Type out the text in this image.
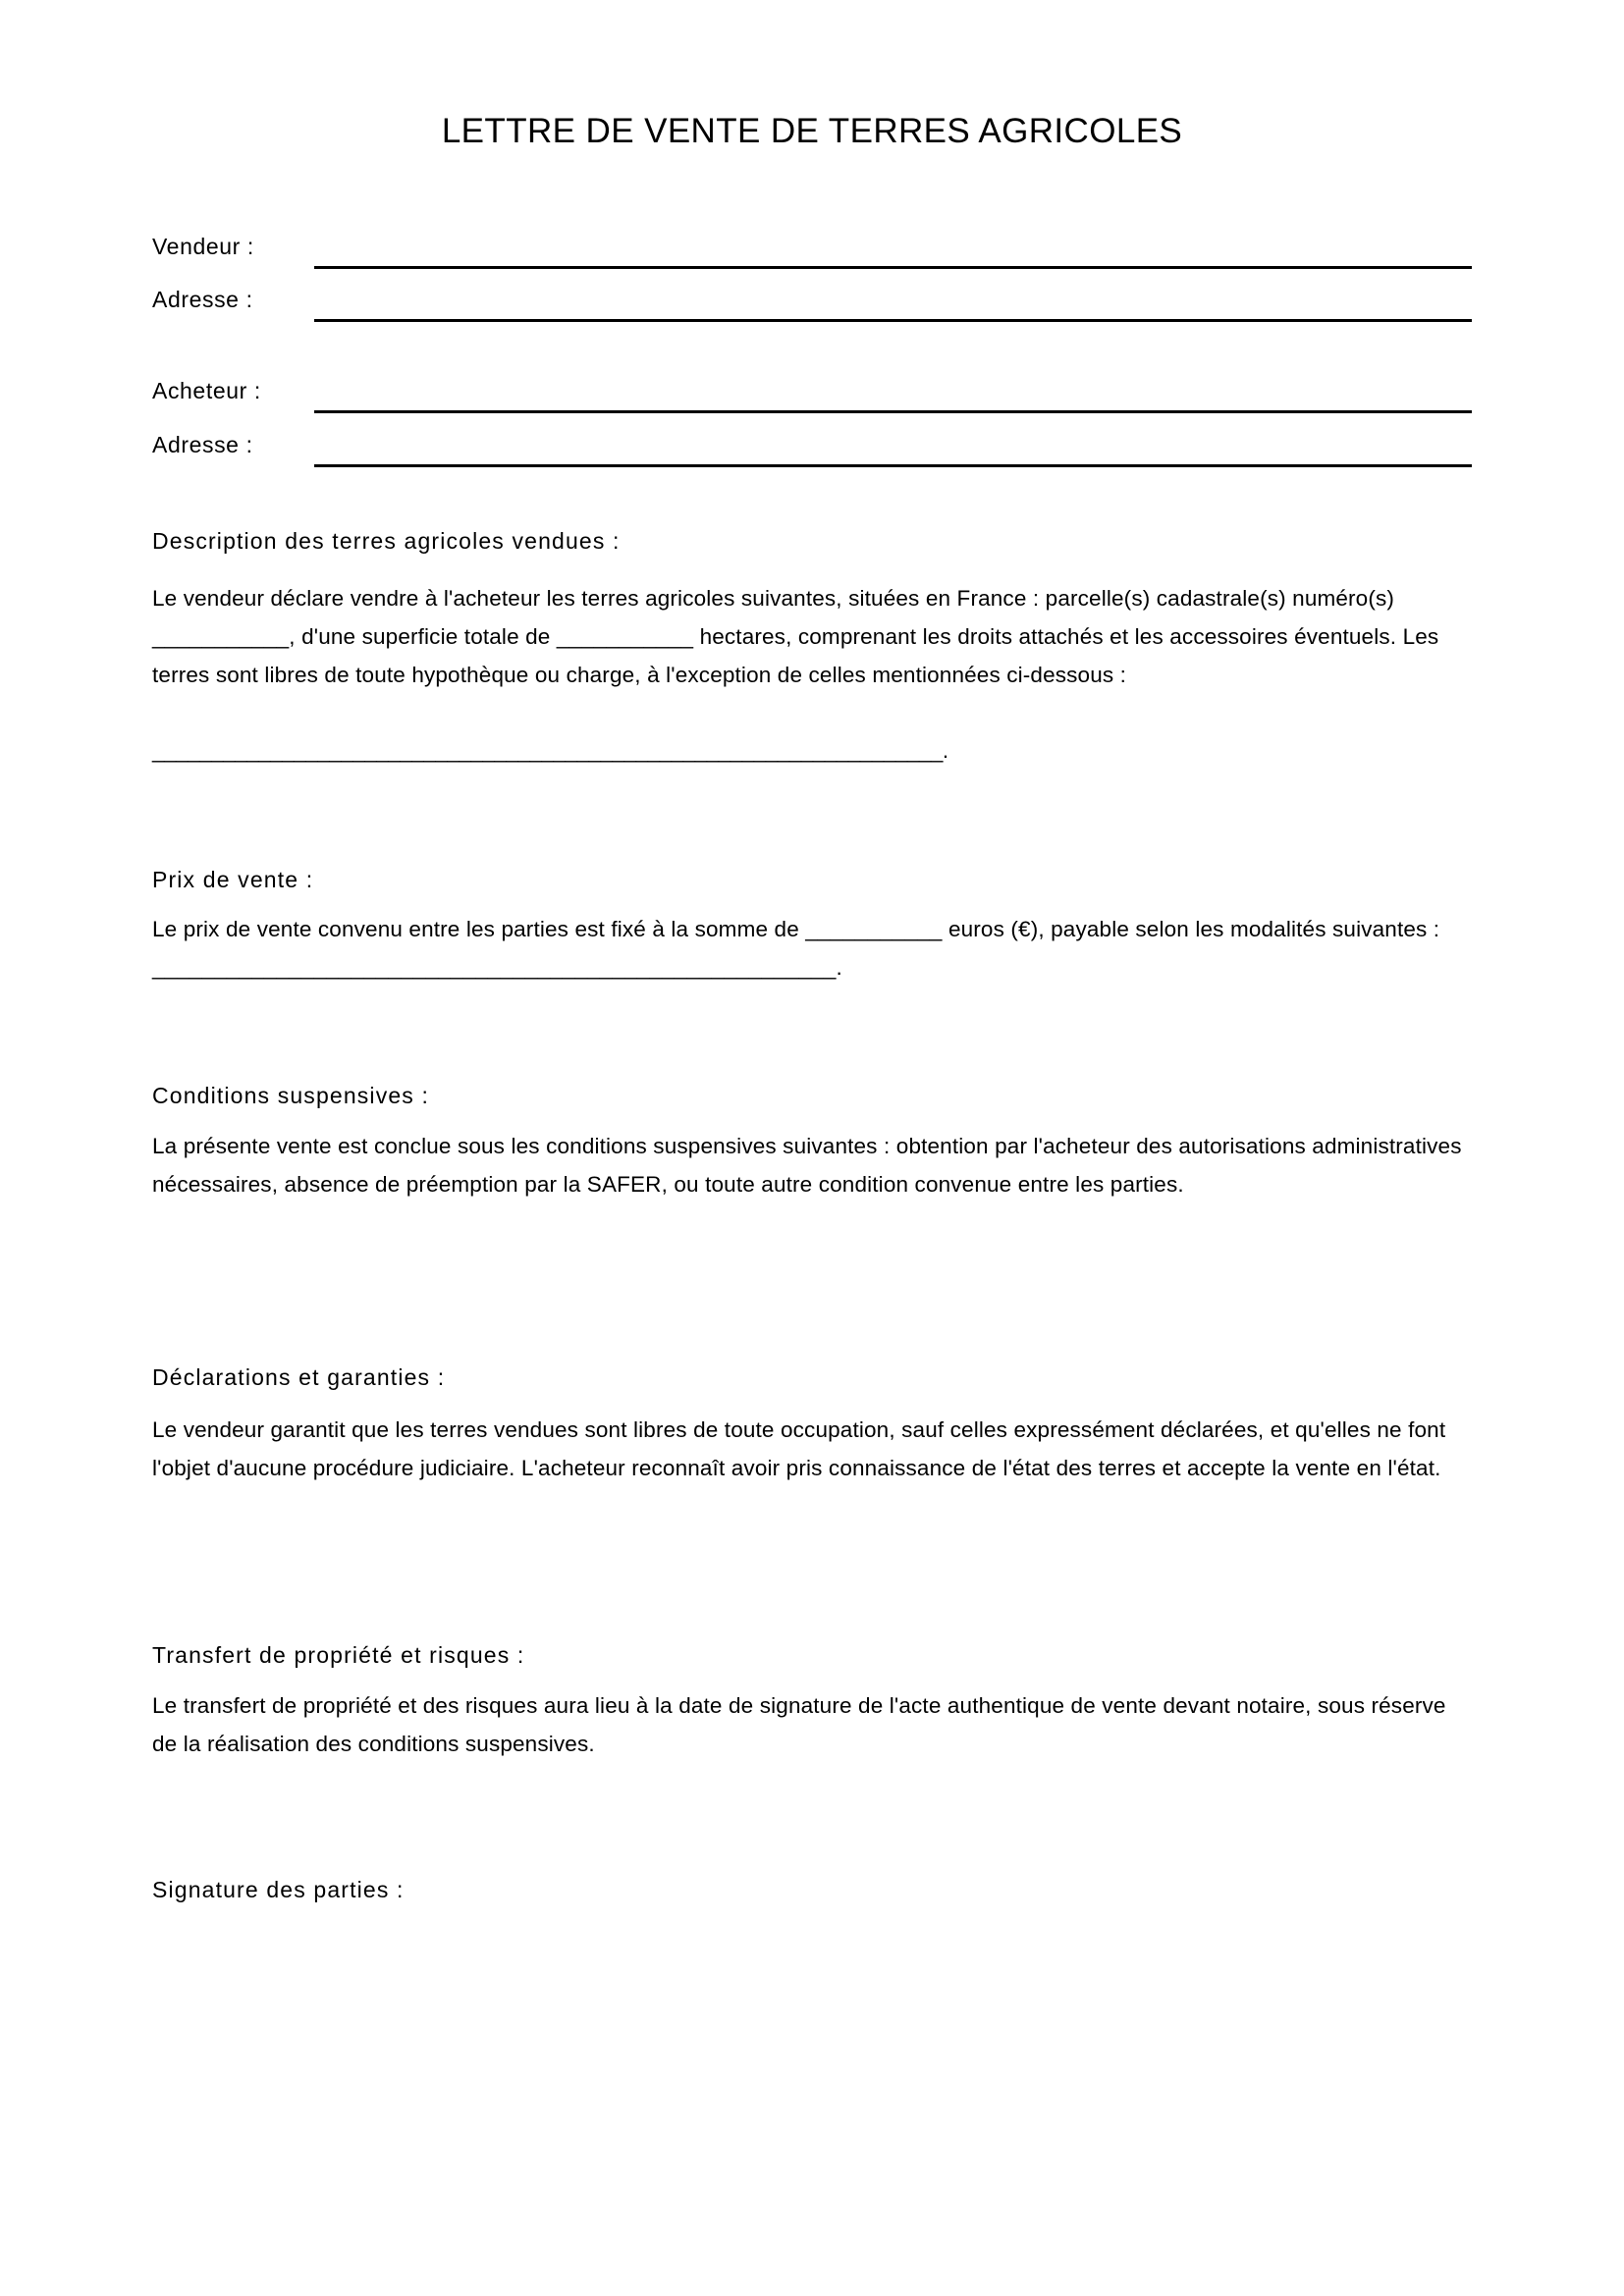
LETTRE DE VENTE DE TERRES AGRICOLES
Vendeur :
Adresse :
Acheteur :
Adresse :
Description des terres agricoles vendues :
Le vendeur déclare vendre à l'acheteur les terres agricoles suivantes, situées en France : parcelle(s) cadastrale(s) numéro(s) ___________, d'une superficie totale de ___________ hectares, comprenant les droits attachés et les accessoires éventuels. Les terres sont libres de toute hypothèque ou charge, à l'exception de celles mentionnées ci-dessous :
___________________________________________________________________.
Prix de vente :
Le prix de vente convenu entre les parties est fixé à la somme de ___________ euros (€), payable selon les modalités suivantes : _______________________________________________________.
Conditions suspensives :
La présente vente est conclue sous les conditions suspensives suivantes : obtention par l'acheteur des autorisations administratives nécessaires, absence de préemption par la SAFER, ou toute autre condition convenue entre les parties.
Déclarations et garanties :
Le vendeur garantit que les terres vendues sont libres de toute occupation, sauf celles expressément déclarées, et qu'elles ne font l'objet d'aucune procédure judiciaire. L'acheteur reconnaît avoir pris connaissance de l'état des terres et accepte la vente en l'état.
Transfert de propriété et risques :
Le transfert de propriété et des risques aura lieu à la date de signature de l'acte authentique de vente devant notaire, sous réserve de la réalisation des conditions suspensives.
Signature des parties :
